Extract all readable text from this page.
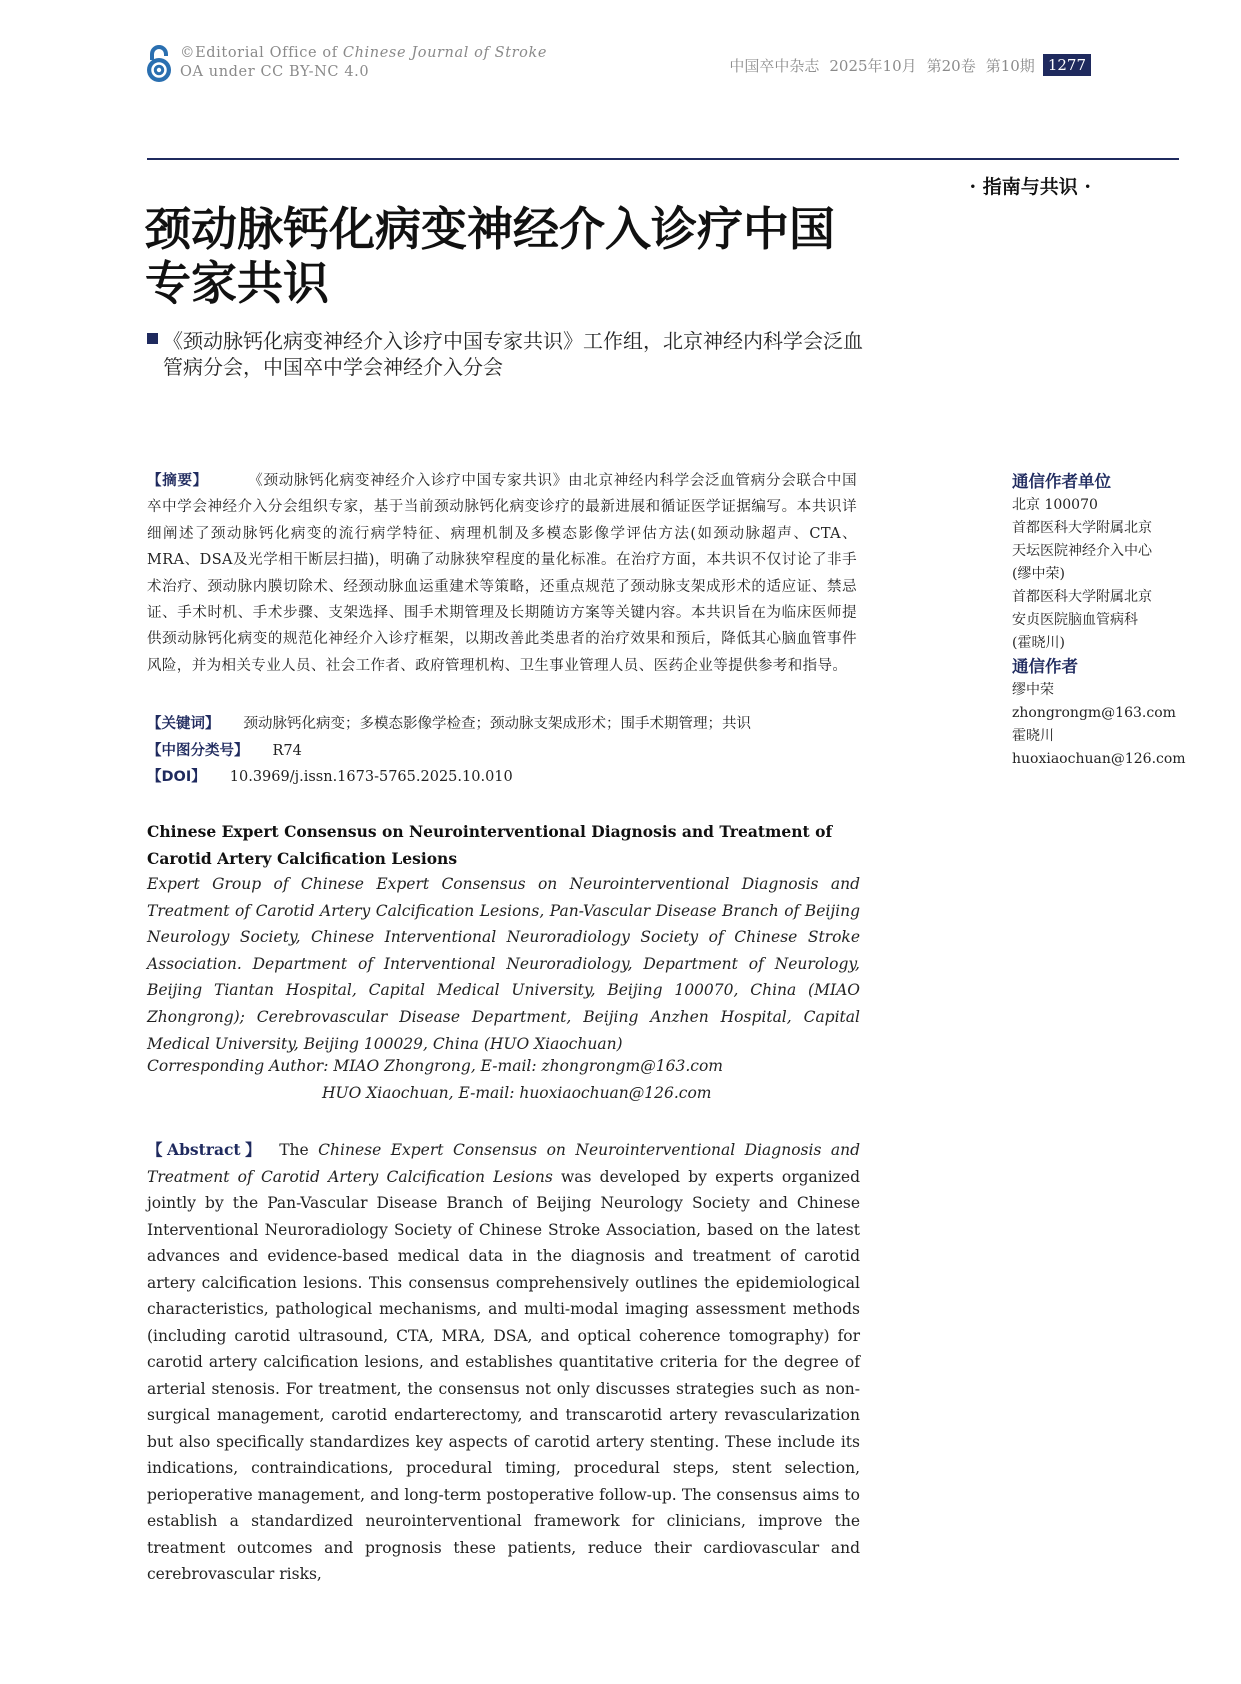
©Editorial Office of Chinese Journal of Stroke
OA under CC BY-NC 4.0	中国卒中杂志 2025年10月 第20卷 第10期 1277
· 指南与共识 ·
颈动脉钙化病变神经介入诊疗中国
专家共识
《颈动脉钙化病变神经介入诊疗中国专家共识》工作组，北京神经内科学会泛血管病分会，中国卒中学会神经介入分会
【摘要】	《颈动脉钙化病变神经介入诊疗中国专家共识》由北京神经内科学会泛血管病分会联合中国卒中学会神经介入分会组织专家，基于当前颈动脉钙化病变诊疗的最新进展和循证医学证据编写。本共识详细阐述了颈动脉钙化病变的流行病学特征、病理机制及多模态影像学评估方法(如颈动脉超声、CTA、MRA、DSA及光学相干断层扫描)，明确了动脉狭窄程度的量化标准。在治疗方面，本共识不仅讨论了非手术治疗、颈动脉内膜切除术、经颈动脉血运重建术等策略，还重点规范了颈动脉支架成形术的适应证、禁忌证、手术时机、手术步骤、支架选择、围手术期管理及长期随访方案等关键内容。本共识旨在为临床医师提供颈动脉钙化病变的规范化神经介入诊疗框架，以期改善此类患者的治疗效果和预后，降低其心脑血管事件风险，并为相关专业人员、社会工作者、政府管理机构、卫生事业管理人员、医药企业等提供参考和指导。
【关键词】 颈动脉钙化病变；多模态影像学检查；颈动脉支架成形术；围手术期管理；共识
【中图分类号】 R74
【DOI】 10.3969/j.issn.1673-5765.2025.10.010
通信作者单位
北京 100070
首都医科大学附属北京
天坛医院神经介入中心
(缪中荣)
首都医科大学附属北京
安贞医院脑血管病科
(霍晓川)
通信作者
缪中荣
zhongrongm@163.com
霍晓川
huoxiaochuan@126.com
Chinese Expert Consensus on Neurointerventional Diagnosis and Treatment of Carotid Artery Calcification Lesions
Expert Group of Chinese Expert Consensus on Neurointerventional Diagnosis and Treatment of Carotid Artery Calcification Lesions, Pan-Vascular Disease Branch of Beijing Neurology Society, Chinese Interventional Neuroradiology Society of Chinese Stroke Association. Department of Interventional Neuroradiology, Department of Neurology, Beijing Tiantan Hospital, Capital Medical University, Beijing 100070, China (MIAO Zhongrong); Cerebrovascular Disease Department, Beijing Anzhen Hospital, Capital Medical University, Beijing 100029, China (HUO Xiaochuan)
Corresponding Author: MIAO Zhongrong, E-mail: zhongrongm@163.com
HUO Xiaochuan, E-mail: huoxiaochuan@126.com
【Abstract】 The Chinese Expert Consensus on Neurointerventional Diagnosis and Treatment of Carotid Artery Calcification Lesions was developed by experts organized jointly by the Pan-Vascular Disease Branch of Beijing Neurology Society and Chinese Interventional Neuroradiology Society of Chinese Stroke Association, based on the latest advances and evidence-based medical data in the diagnosis and treatment of carotid artery calcification lesions. This consensus comprehensively outlines the epidemiological characteristics, pathological mechanisms, and multi-modal imaging assessment methods (including carotid ultrasound, CTA, MRA, DSA, and optical coherence tomography) for carotid artery calcification lesions, and establishes quantitative criteria for the degree of arterial stenosis. For treatment, the consensus not only discusses strategies such as non-surgical management, carotid endarterectomy, and transcarotid artery revascularization but also specifically standardizes key aspects of carotid artery stenting. These include its indications, contraindications, procedural timing, procedural steps, stent selection, perioperative management, and long-term postoperative follow-up. The consensus aims to establish a standardized neurointerventional framework for clinicians, improve the treatment outcomes and prognosis these patients, reduce their cardiovascular and cerebrovascular risks,
